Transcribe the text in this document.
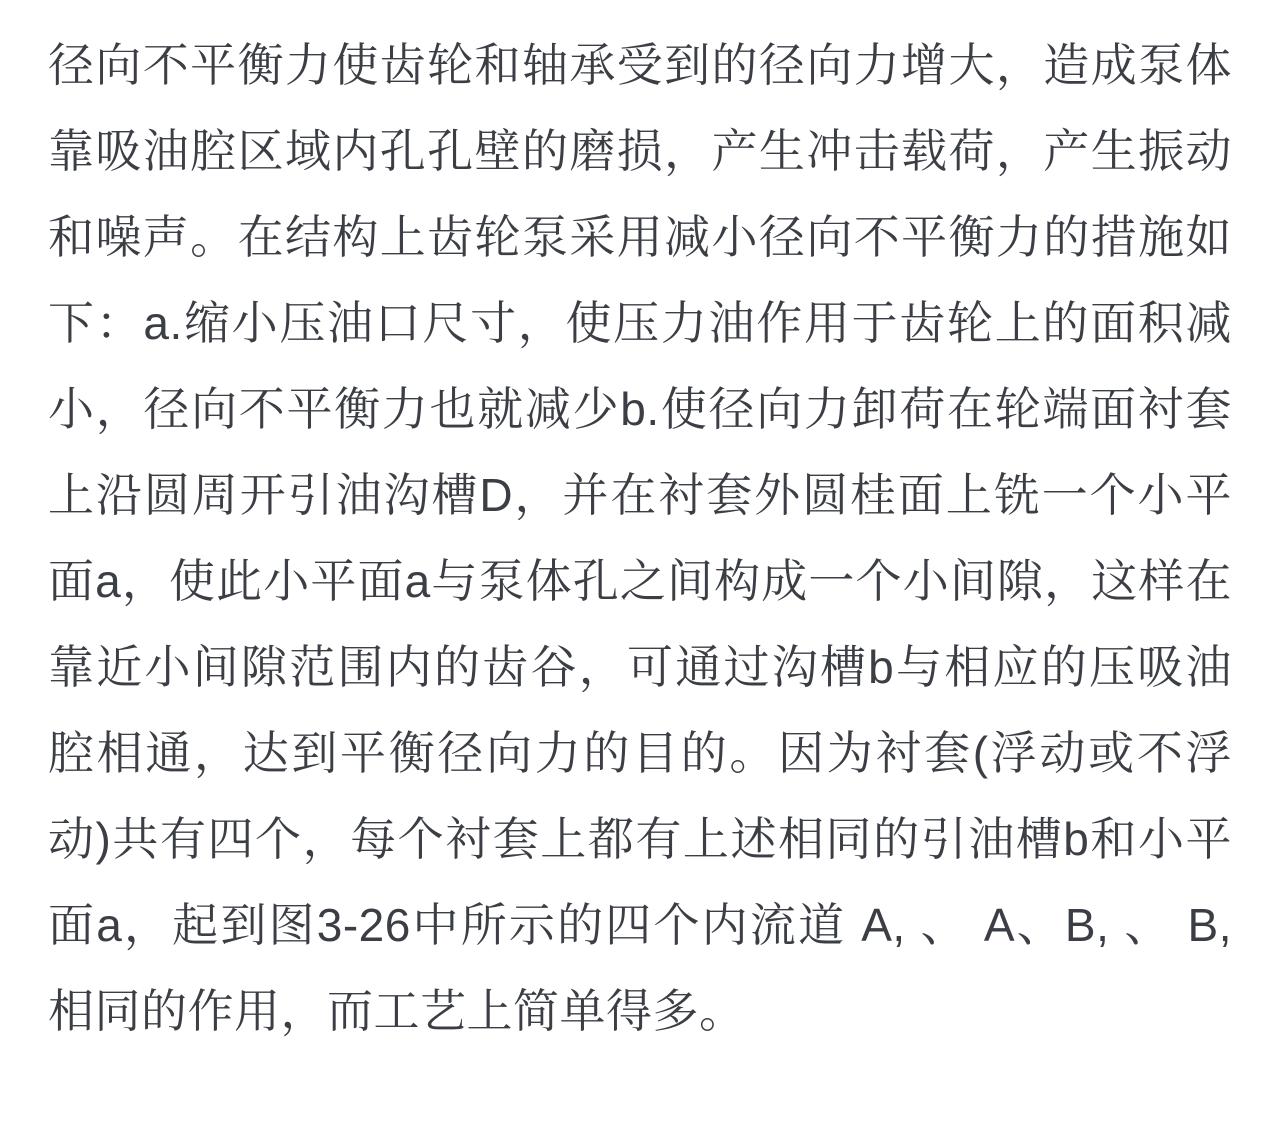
径向不平衡力使齿轮和轴承受到的径向力增大，造成泵体靠吸油腔区域内孔孔壁的磨损，产生冲击载荷，产生振动和噪声。在结构上齿轮泵采用减小径向不平衡力的措施如下：a.缩小压油口尺寸，使压力油作用于齿轮上的面积减小，径向不平衡力也就减少b.使径向力卸荷在轮端面衬套上沿圆周开引油沟槽D，并在衬套外圆桂面上铣一个小平面a，使此小平面a与泵体孔之间构成一个小间隙，这样在靠近小间隙范围内的齿谷，可通过沟槽b与相应的压吸油腔相通，达到平衡径向力的目的。因为衬套(浮动或不浮动)共有四个，每个衬套上都有上述相同的引油槽b和小平面a，起到图3-26中所示的四个内流道 A, 、 A、B, 、 B,相同的作用，而工艺上简单得多。
